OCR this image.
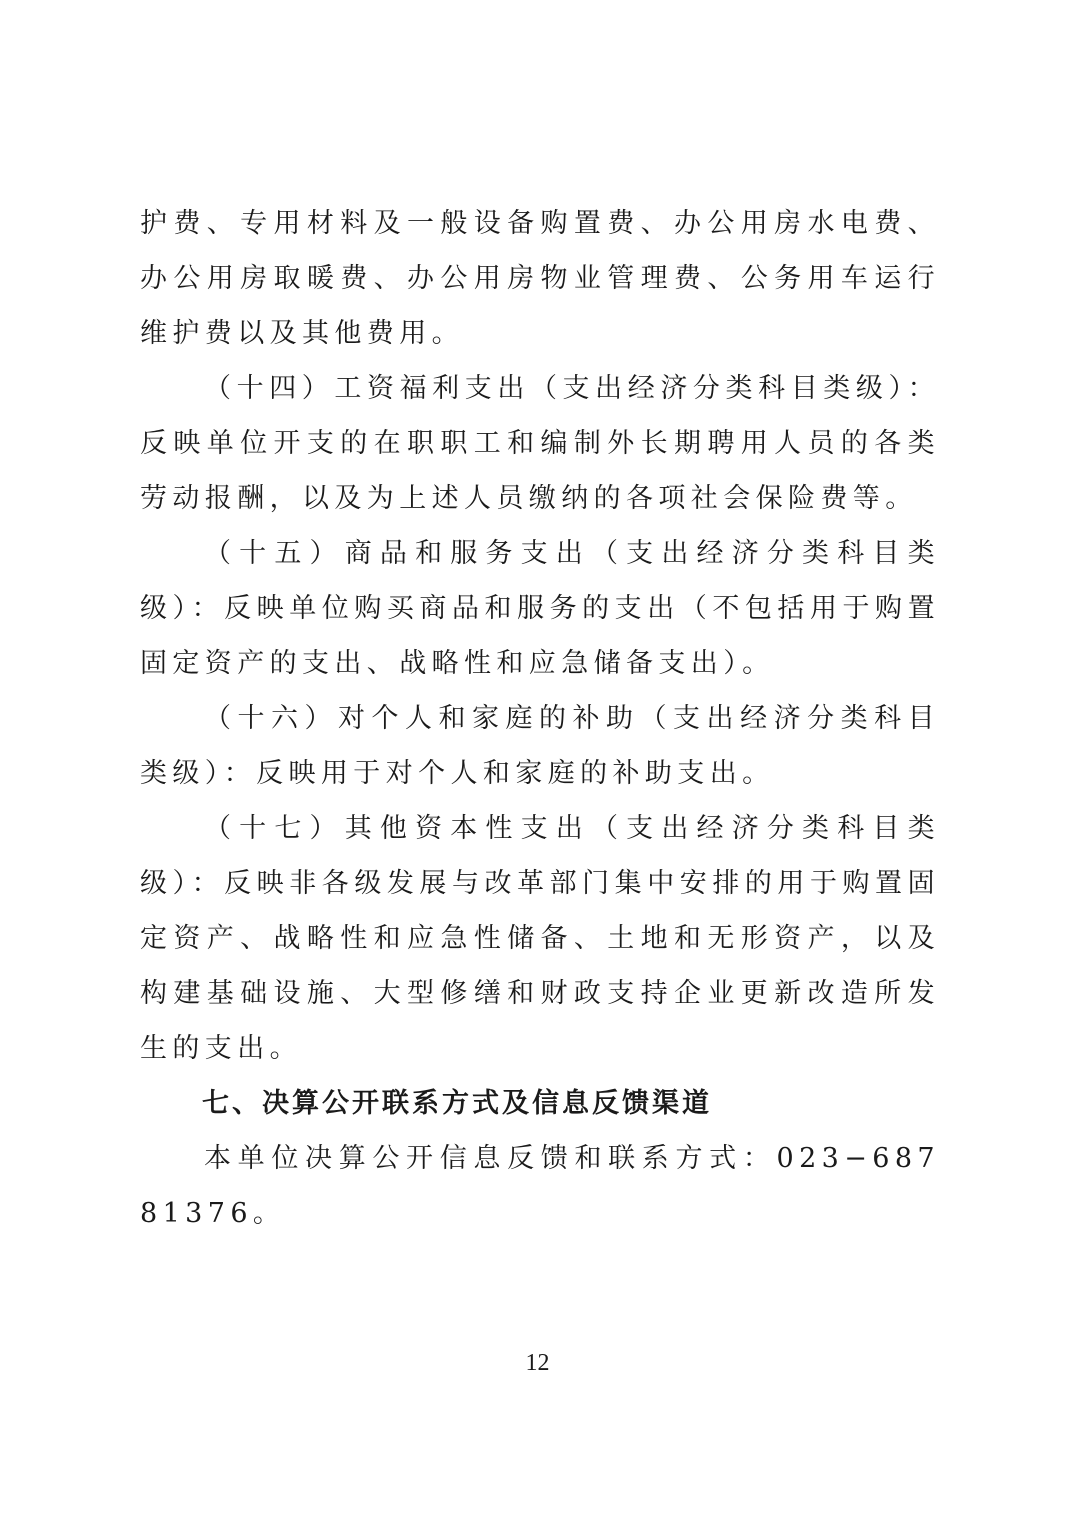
护费、专用材料及一般设备购置费、办公用房水电费、办公用房取暖费、办公用房物业管理费、公务用车运行维护费以及其他费用。

（十四）工资福利支出（支出经济分类科目类级）：反映单位开支的在职职工和编制外长期聘用人员的各类劳动报酬，以及为上述人员缴纳的各项社会保险费等。

（十五）商品和服务支出（支出经济分类科目类级）：反映单位购买商品和服务的支出（不包括用于购置固定资产的支出、战略性和应急储备支出）。

（十六）对个人和家庭的补助（支出经济分类科目类级）：反映用于对个人和家庭的补助支出。

（十七）其他资本性支出（支出经济分类科目类级）：反映非各级发展与改革部门集中安排的用于购置固定资产、战略性和应急性储备、土地和无形资产，以及构建基础设施、大型修缮和财政支持企业更新改造所发生的支出。

七、决算公开联系方式及信息反馈渠道

本单位决算公开信息反馈和联系方式：023−68781376。

12
